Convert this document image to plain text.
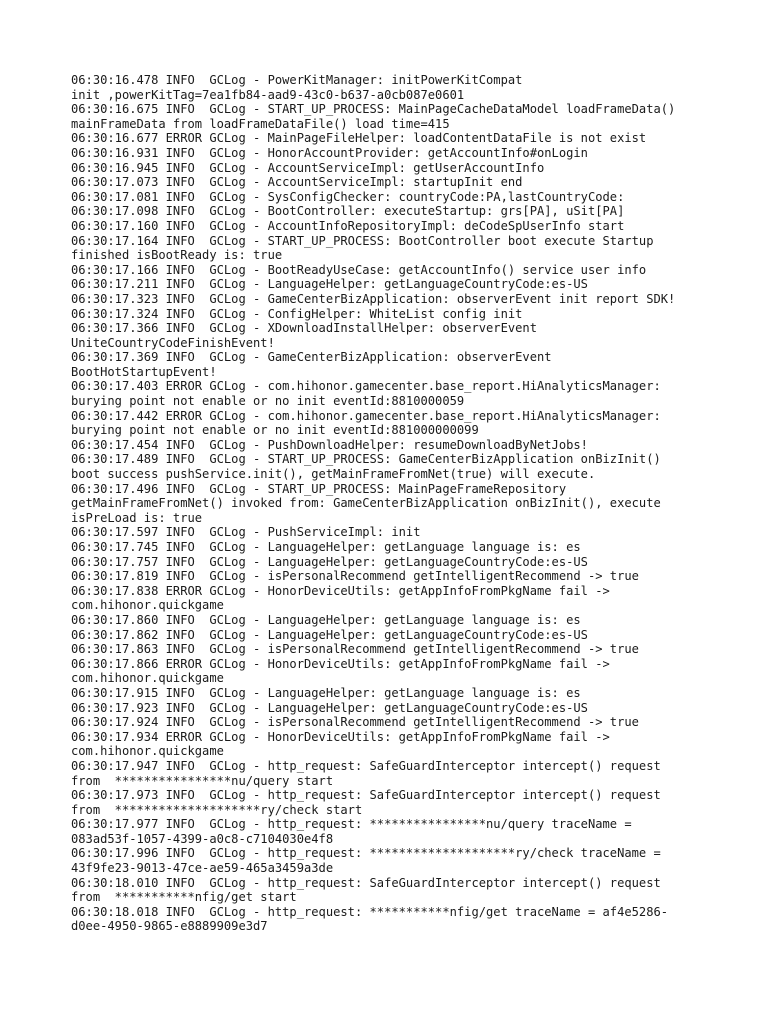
06:30:16.478 INFO  GCLog - PowerKitManager: initPowerKitCompat
init ,powerKitTag=7ea1fb84-aad9-43c0-b637-a0cb087e0601
06:30:16.675 INFO  GCLog - START_UP_PROCESS: MainPageCacheDataModel loadFrameData()
mainFrameData from loadFrameDataFile() load time=415
06:30:16.677 ERROR GCLog - MainPageFileHelper: loadContentDataFile is not exist
06:30:16.931 INFO  GCLog - HonorAccountProvider: getAccountInfo#onLogin
06:30:16.945 INFO  GCLog - AccountServiceImpl: getUserAccountInfo
06:30:17.073 INFO  GCLog - AccountServiceImpl: startupInit end
06:30:17.081 INFO  GCLog - SysConfigChecker: countryCode:PA,lastCountryCode:
06:30:17.098 INFO  GCLog - BootController: executeStartup: grs[PA], uSit[PA]
06:30:17.160 INFO  GCLog - AccountInfoRepositoryImpl: deCodeSpUserInfo start
06:30:17.164 INFO  GCLog - START_UP_PROCESS: BootController boot execute Startup
finished isBootReady is: true
06:30:17.166 INFO  GCLog - BootReadyUseCase: getAccountInfo() service user info
06:30:17.211 INFO  GCLog - LanguageHelper: getLanguageCountryCode:es-US
06:30:17.323 INFO  GCLog - GameCenterBizApplication: observerEvent init report SDK!
06:30:17.324 INFO  GCLog - ConfigHelper: WhiteList config init
06:30:17.366 INFO  GCLog - XDownloadInstallHelper: observerEvent
UniteCountryCodeFinishEvent!
06:30:17.369 INFO  GCLog - GameCenterBizApplication: observerEvent
BootHotStartupEvent!
06:30:17.403 ERROR GCLog - com.hihonor.gamecenter.base_report.HiAnalyticsManager:
burying point not enable or no init eventId:8810000059
06:30:17.442 ERROR GCLog - com.hihonor.gamecenter.base_report.HiAnalyticsManager:
burying point not enable or no init eventId:881000000099
06:30:17.454 INFO  GCLog - PushDownloadHelper: resumeDownloadByNetJobs!
06:30:17.489 INFO  GCLog - START_UP_PROCESS: GameCenterBizApplication onBizInit()
boot success pushService.init(), getMainFrameFromNet(true) will execute.
06:30:17.496 INFO  GCLog - START_UP_PROCESS: MainPageFrameRepository
getMainFrameFromNet() invoked from: GameCenterBizApplication onBizInit(), execute
isPreLoad is: true
06:30:17.597 INFO  GCLog - PushServiceImpl: init
06:30:17.745 INFO  GCLog - LanguageHelper: getLanguage language is: es
06:30:17.757 INFO  GCLog - LanguageHelper: getLanguageCountryCode:es-US
06:30:17.819 INFO  GCLog - isPersonalRecommend getIntelligentRecommend -> true
06:30:17.838 ERROR GCLog - HonorDeviceUtils: getAppInfoFromPkgName fail ->
com.hihonor.quickgame
06:30:17.860 INFO  GCLog - LanguageHelper: getLanguage language is: es
06:30:17.862 INFO  GCLog - LanguageHelper: getLanguageCountryCode:es-US
06:30:17.863 INFO  GCLog - isPersonalRecommend getIntelligentRecommend -> true
06:30:17.866 ERROR GCLog - HonorDeviceUtils: getAppInfoFromPkgName fail ->
com.hihonor.quickgame
06:30:17.915 INFO  GCLog - LanguageHelper: getLanguage language is: es
06:30:17.923 INFO  GCLog - LanguageHelper: getLanguageCountryCode:es-US
06:30:17.924 INFO  GCLog - isPersonalRecommend getIntelligentRecommend -> true
06:30:17.934 ERROR GCLog - HonorDeviceUtils: getAppInfoFromPkgName fail ->
com.hihonor.quickgame
06:30:17.947 INFO  GCLog - http_request: SafeGuardInterceptor intercept() request
from  ****************nu/query start
06:30:17.973 INFO  GCLog - http_request: SafeGuardInterceptor intercept() request
from  ********************ry/check start
06:30:17.977 INFO  GCLog - http_request: ****************nu/query traceName =
083ad53f-1057-4399-a0c8-c7104030e4f8
06:30:17.996 INFO  GCLog - http_request: ********************ry/check traceName =
43f9fe23-9013-47ce-ae59-465a3459a3de
06:30:18.010 INFO  GCLog - http_request: SafeGuardInterceptor intercept() request
from  ***********nfig/get start
06:30:18.018 INFO  GCLog - http_request: ***********nfig/get traceName = af4e5286-
d0ee-4950-9865-e8889909e3d7
